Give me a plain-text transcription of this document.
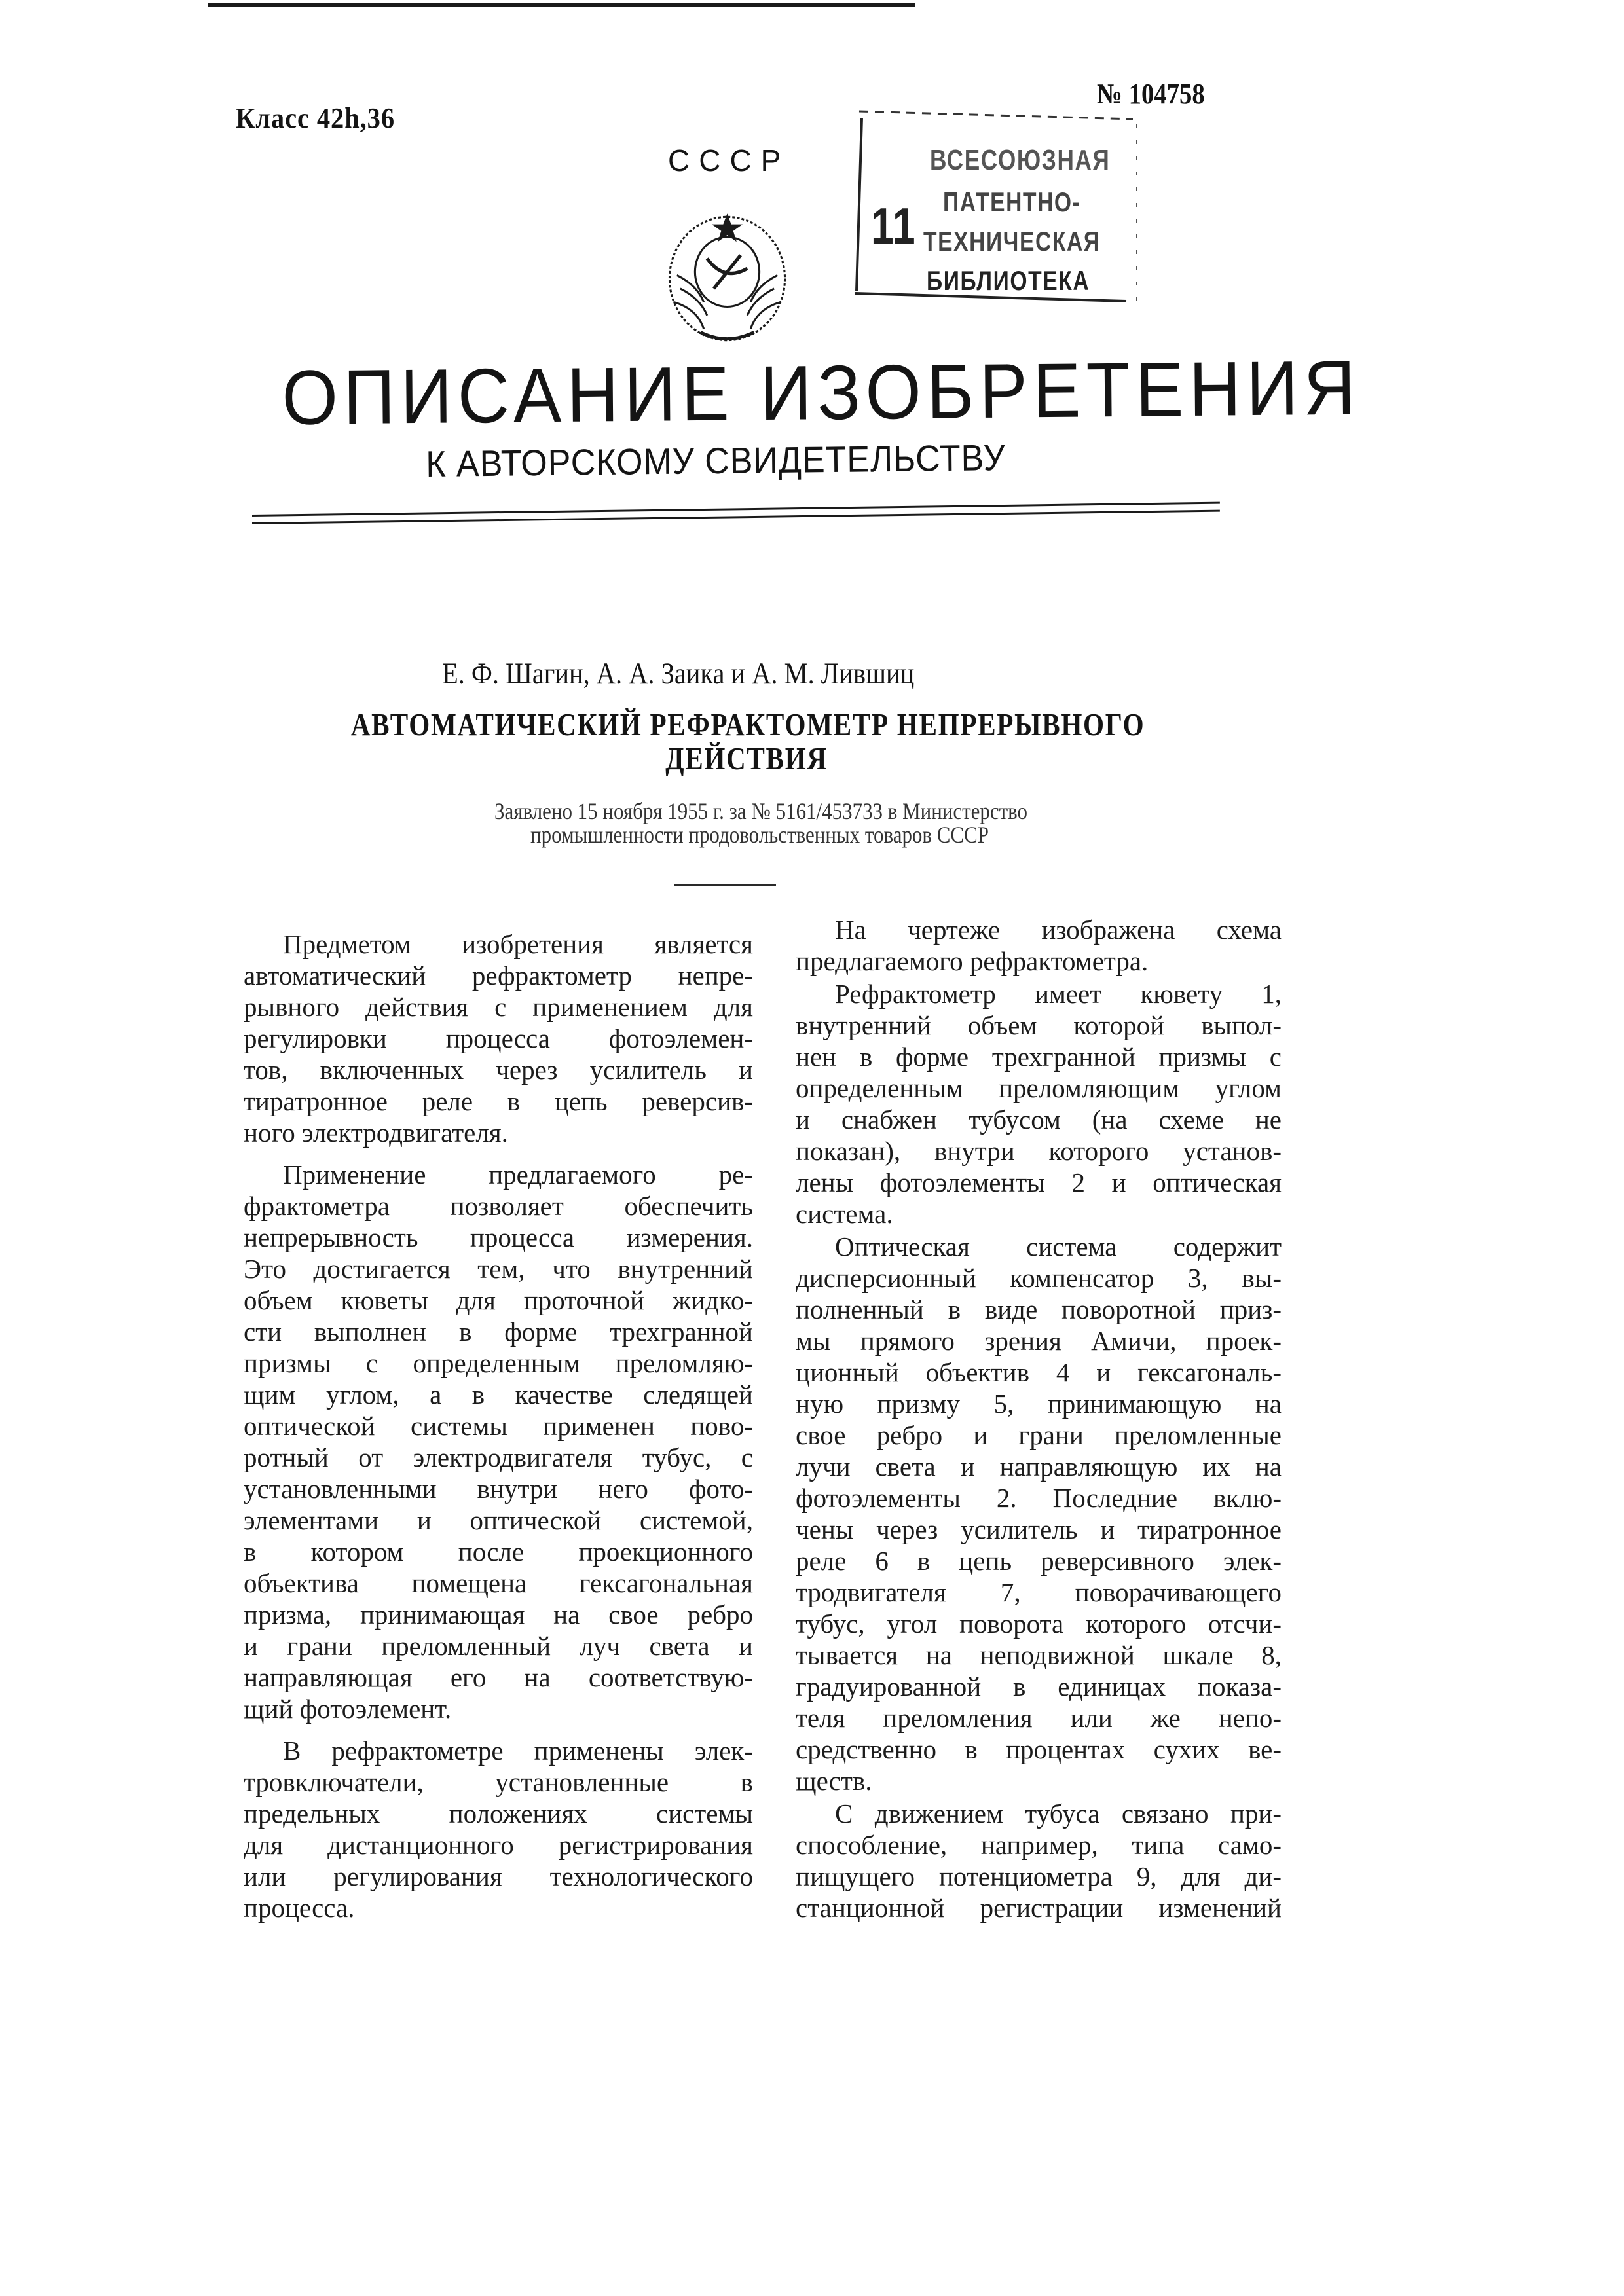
Класс 42h,36
№ 104758
СССР
11
ВСЕСОЮЗНАЯ
ПАТЕНТНО-
ТЕХНИЧЕСКАЯ
БИБЛИОТЕКА
ОПИСАНИЕ ИЗОБРЕТЕНИЯ
К АВТОРСКОМУ СВИДЕТЕЛЬСТВУ
Е. Ф. Шагин, А. А. Заика и А. М. Лившиц
АВТОМАТИЧЕСКИЙ РЕФРАКТОМЕТР НЕПРЕРЫВНОГО
ДЕЙСТВИЯ
Заявлено 15 ноября 1955 г. за № 5161/453733 в Министерство
промышленности продовольственных товаров СССР
Предметом изобретения является
автоматический рефрактометр непре-
рывного действия с применением для
регулировки процесса фотоэлемен-
тов, включенных через усилитель и
тиратронное реле в цепь реверсив-
ного электродвигателя.
Применение предлагаемого ре-
фрактометра позволяет обеспечить
непрерывность процесса измерения.
Это достигается тем, что внутренний
объем кюветы для проточной жидко-
сти выполнен в форме трехгранной
призмы с определенным преломляю-
щим углом, а в качестве следящей
оптической системы применен пово-
ротный от электродвигателя тубус, с
установленными внутри него фото-
элементами и оптической системой,
в котором после проекционного
объектива помещена гексагональная
призма, принимающая на свое ребро
и грани преломленный луч света и
направляющая его на соответствую-
щий фотоэлемент.
В рефрактометре применены элек-
тровключатели, установленные в
предельных положениях системы
для дистанционного регистрирования
или регулирования технологического
процесса.
На чертеже изображена схема
предлагаемого рефрактометра.
Рефрактометр имеет кювету 1,
внутренний объем которой выпол-
нен в форме трехгранной призмы с
определенным преломляющим углом
и снабжен тубусом (на схеме не
показан), внутри которого установ-
лены фотоэлементы 2 и оптическая
система.
Оптическая система содержит
дисперсионный компенсатор 3, вы-
полненный в виде поворотной приз-
мы прямого зрения Амичи, проек-
ционный объектив 4 и гексагональ-
ную призму 5, принимающую на
свое ребро и грани преломленные
лучи света и направляющую их на
фотоэлементы 2. Последние вклю-
чены через усилитель и тиратронное
реле 6 в цепь реверсивного элек-
тродвигателя 7, поворачивающего
тубус, угол поворота которого отсчи-
тывается на неподвижной шкале 8,
градуированной в единицах показа-
теля преломления или же непо-
средственно в процентах сухих ве-
ществ.
С движением тубуса связано при-
способление, например, типа само-
пищущего потенциометра 9, для ди-
станционной регистрации изменений
